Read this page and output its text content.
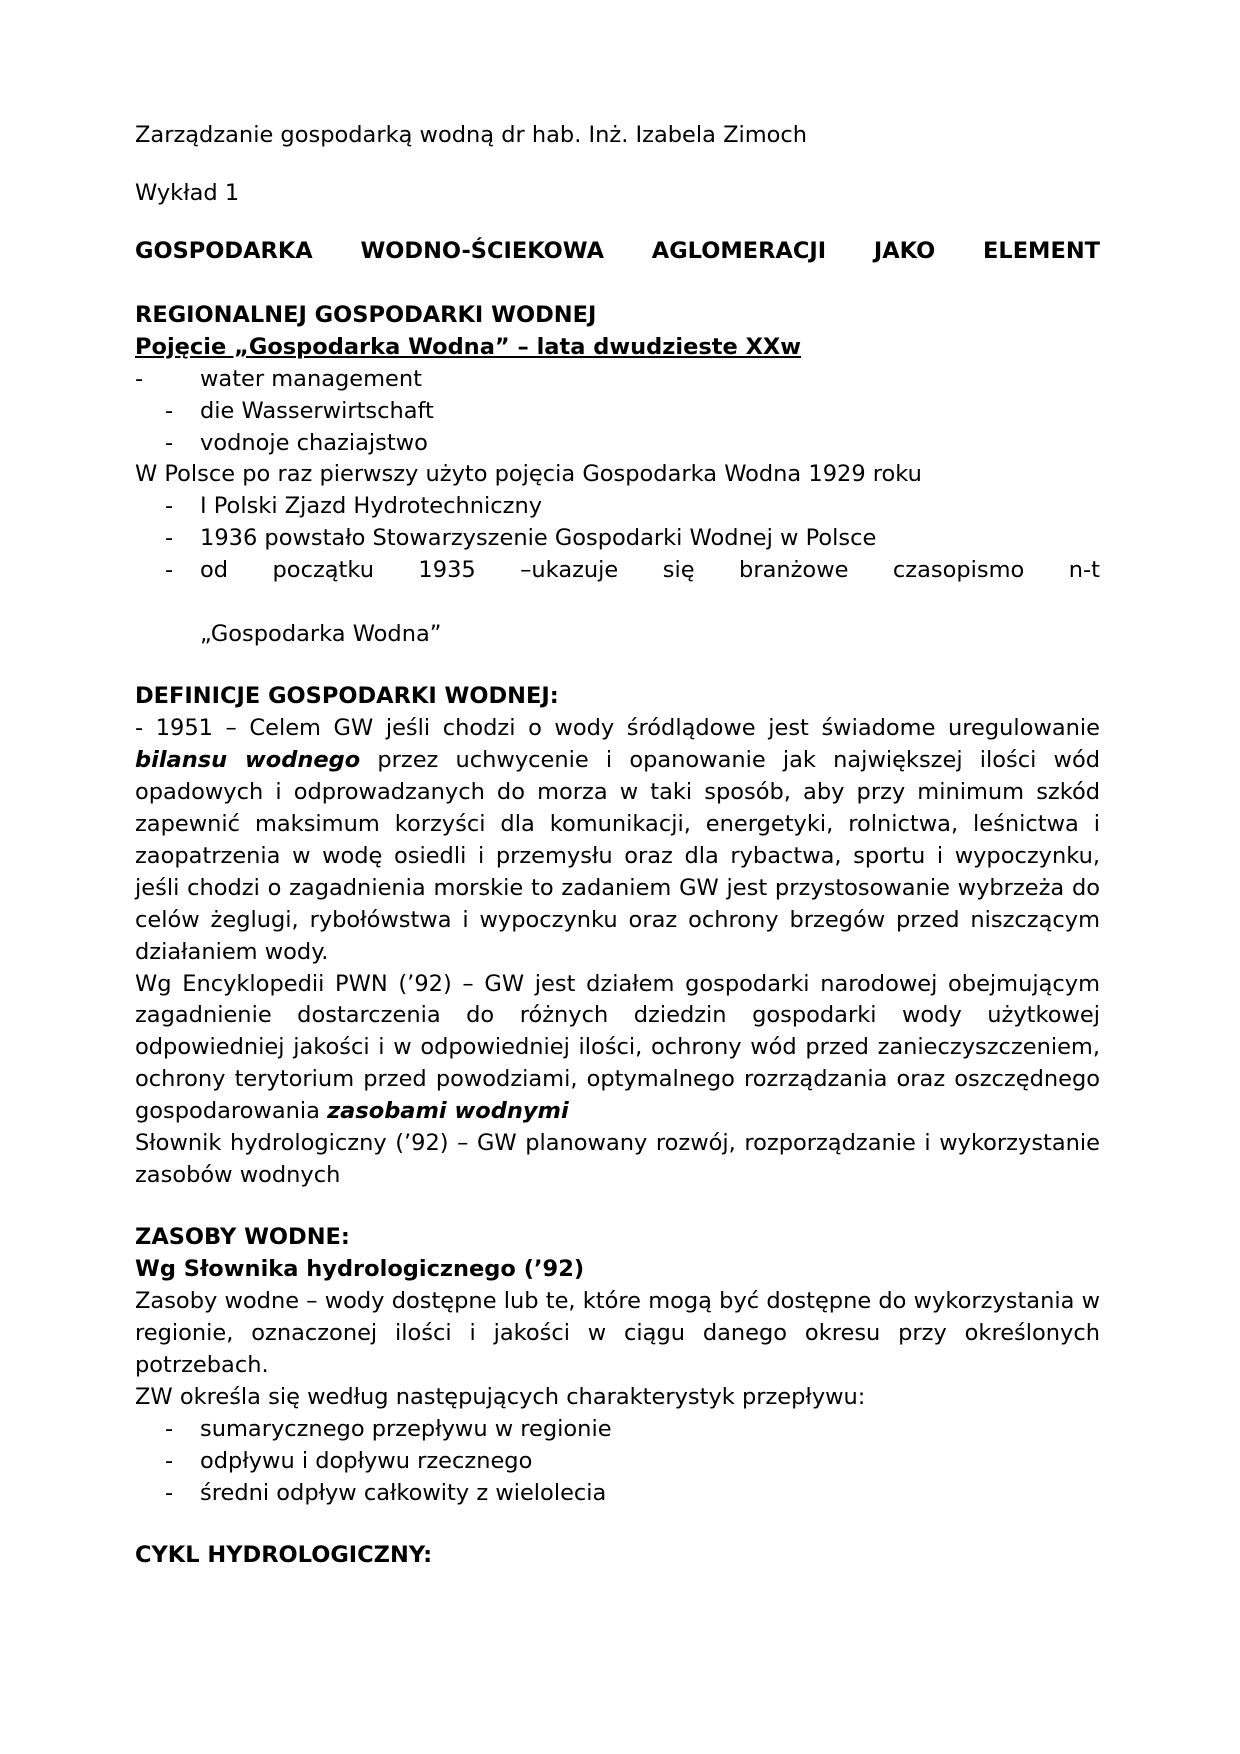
Zarządzanie gospodarką wodną dr hab. Inż. Izabela Zimoch

Wykład 1

GOSPODARKA WODNO-ŚCIEKOWA AGLOMERACJI JAKO ELEMENT

REGIONALNEJ GOSPODARKI WODNEJ

Pojęcie „Gospodarka Wodna” – lata dwudzieste XXw

-	water management

- die Wasserwirtschaft

- vodnoje chaziajstwo

W Polsce po raz pierwszy użyto pojęcia Gospodarka Wodna 1929 roku

- I Polski Zjazd Hydrotechniczny

- 1936 powstało Stowarzyszenie Gospodarki Wodnej w Polsce

- od początku 1935 –ukazuje się branżowe czasopismo n-t

„Gospodarka Wodna”

DEFINICJE GOSPODARKI WODNEJ:

- 1951 – Celem GW jeśli chodzi o wody śródlądowe jest świadome uregulowanie bilansu wodnego przez uchwycenie i opanowanie jak największej ilości wód opadowych i odprowadzanych do morza w taki sposób, aby przy minimum szkód zapewnić maksimum korzyści dla komunikacji, energetyki, rolnictwa, leśnictwa i zaopatrzenia w wodę osiedli i przemysłu oraz dla rybactwa, sportu i wypoczynku, jeśli chodzi o zagadnienia morskie to zadaniem GW jest przystosowanie wybrzeża do celów żeglugi, rybołówstwa i wypoczynku oraz ochrony brzegów przed niszczącym działaniem wody.

Wg Encyklopedii PWN (’92) – GW jest działem gospodarki narodowej obejmującym zagadnienie dostarczenia do różnych dziedzin gospodarki wody użytkowej odpowiedniej jakości i w odpowiedniej ilości, ochrony wód przed zanieczyszczeniem, ochrony terytorium przed powodziami, optymalnego rozrządzania oraz oszczędnego gospodarowania zasobami wodnymi

Słownik hydrologiczny (’92) – GW planowany rozwój, rozporządzanie i wykorzystanie zasobów wodnych

ZASOBY WODNE:

Wg Słownika hydrologicznego (’92)

Zasoby wodne – wody dostępne lub te, które mogą być dostępne do wykorzystania w regionie, oznaczonej ilości i jakości w ciągu danego okresu przy określonych potrzebach.

ZW określa się według następujących charakterystyk przepływu:

- sumarycznego przepływu w regionie

- odpływu i dopływu rzecznego

- średni odpływ całkowity z wielolecia

CYKL HYDROLOGICZNY:
